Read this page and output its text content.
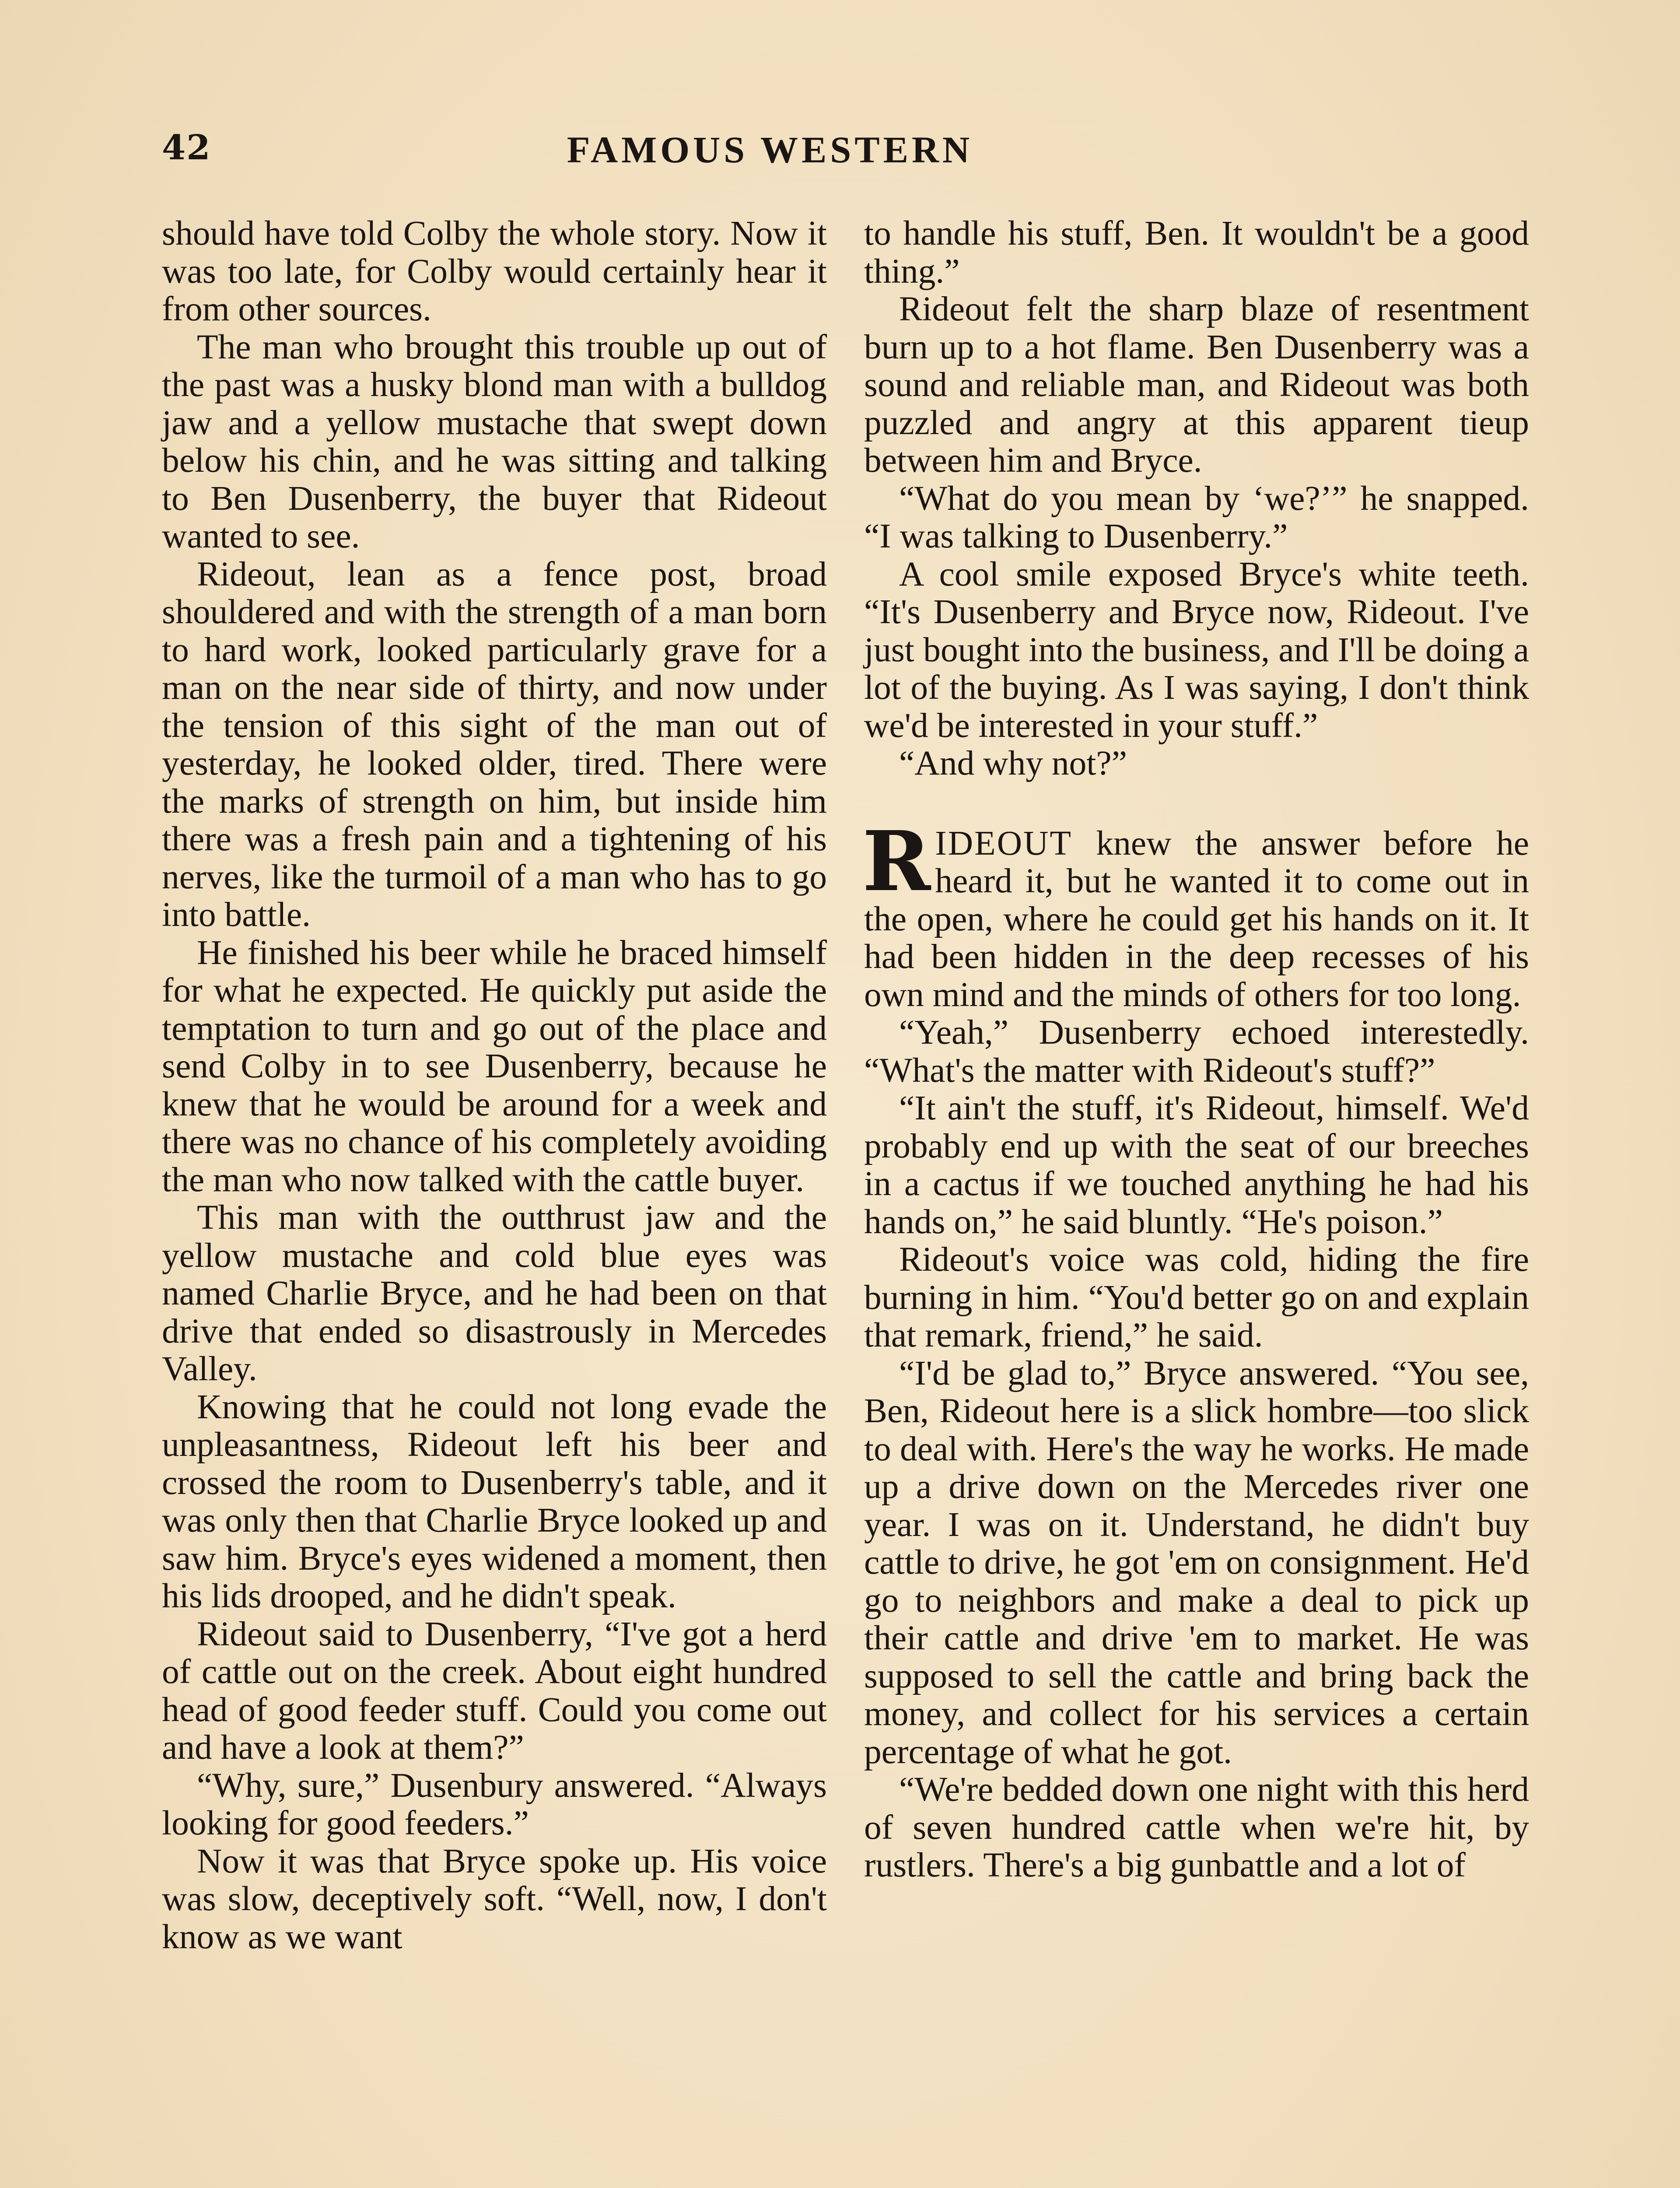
42	FAMOUS WESTERN

should have told Colby the whole story. Now it was too late, for Colby would certainly hear it from other sources.

The man who brought this trouble up out of the past was a husky blond man with a bulldog jaw and a yellow mustache that swept down below his chin, and he was sitting and talking to Ben Dusenberry, the buyer that Rideout wanted to see.

Rideout, lean as a fence post, broad shouldered and with the strength of a man born to hard work, looked particularly grave for a man on the near side of thirty, and now under the tension of this sight of the man out of yesterday, he looked older, tired. There were the marks of strength on him, but inside him there was a fresh pain and a tightening of his nerves, like the turmoil of a man who has to go into battle.

He finished his beer while he braced himself for what he expected. He quickly put aside the temptation to turn and go out of the place and send Colby in to see Dusenberry, because he knew that he would be around for a week and there was no chance of his completely avoiding the man who now talked with the cattle buyer.

This man with the outthrust jaw and the yellow mustache and cold blue eyes was named Charlie Bryce, and he had been on that drive that ended so disastrously in Mercedes Valley.

Knowing that he could not long evade the unpleasantness, Rideout left his beer and crossed the room to Dusenberry's table, and it was only then that Charlie Bryce looked up and saw him. Bryce's eyes widened a moment, then his lids drooped, and he didn't speak.

Rideout said to Dusenberry, “I've got a herd of cattle out on the creek. About eight hundred head of good feeder stuff. Could you come out and have a look at them?”

“Why, sure,” Dusenbury answered. “Always looking for good feeders.”

Now it was that Bryce spoke up. His voice was slow, deceptively soft. “Well, now, I don't know as we want

to handle his stuff, Ben. It wouldn't be a good thing.”

Rideout felt the sharp blaze of resentment burn up to a hot flame. Ben Dusenberry was a sound and reliable man, and Rideout was both puzzled and angry at this apparent tieup between him and Bryce.

“What do you mean by ‘we?’” he snapped. “I was talking to Dusenberry.”

A cool smile exposed Bryce's white teeth. “It's Dusenberry and Bryce now, Rideout. I've just bought into the business, and I'll be doing a lot of the buying. As I was saying, I don't think we'd be interested in your stuff.”

“And why not?”

RIDEOUT knew the answer before he heard it, but he wanted it to come out in the open, where he could get his hands on it. It had been hidden in the deep recesses of his own mind and the minds of others for too long.

“Yeah,” Dusenberry echoed interestedly. “What's the matter with Rideout's stuff?”

“It ain't the stuff, it's Rideout, himself. We'd probably end up with the seat of our breeches in a cactus if we touched anything he had his hands on,” he said bluntly. “He's poison.”

Rideout's voice was cold, hiding the fire burning in him. “You'd better go on and explain that remark, friend,” he said.

“I'd be glad to,” Bryce answered. “You see, Ben, Rideout here is a slick hombre—too slick to deal with. Here's the way he works. He made up a drive down on the Mercedes river one year. I was on it. Understand, he didn't buy cattle to drive, he got 'em on consignment. He'd go to neighbors and make a deal to pick up their cattle and drive 'em to market. He was supposed to sell the cattle and bring back the money, and collect for his services a certain percentage of what he got.

“We're bedded down one night with this herd of seven hundred cattle when we're hit, by rustlers. There's a big gunbattle and a lot of
